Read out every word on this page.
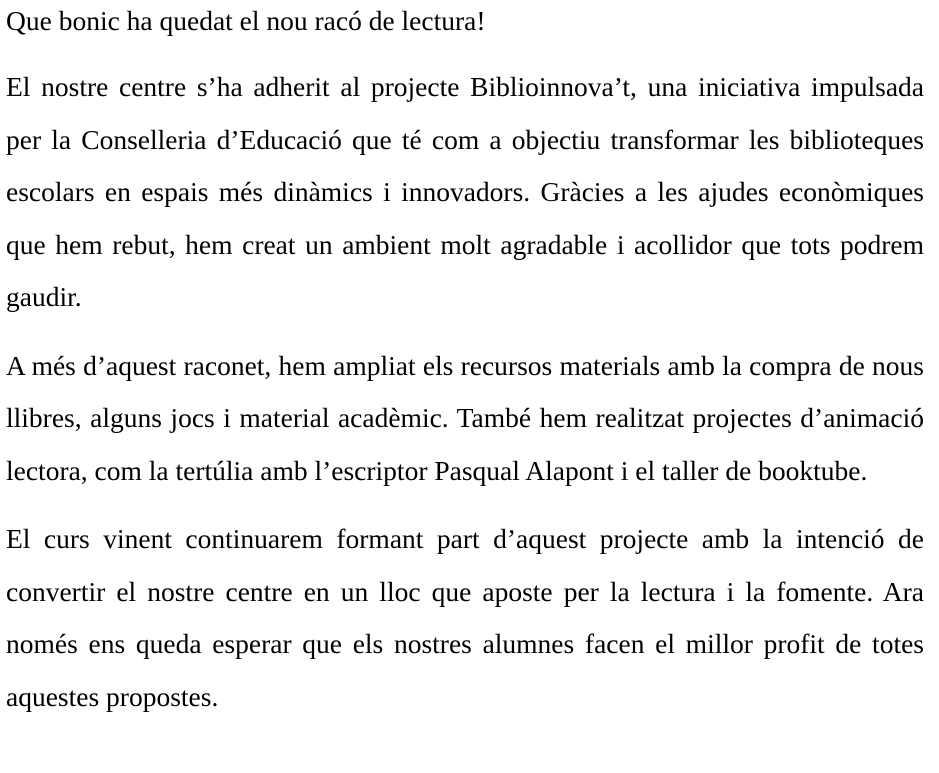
Que bonic ha quedat el nou racó de lectura!

El nostre centre s’ha adherit al projecte Biblioinnova’t, una iniciativa impulsada per la Conselleria d’Educació que té com a objectiu transformar les biblioteques escolars en espais més dinàmics i innovadors. Gràcies a les ajudes econòmiques que hem rebut, hem creat un ambient molt agradable i acollidor que tots podrem gaudir.

A més d’aquest raconet, hem ampliat els recursos materials amb la compra de nous llibres, alguns jocs i material acadèmic. També hem realitzat projectes d’animació lectora, com la tertúlia amb l’escriptor Pasqual Alapont i el taller de booktube.

El curs vinent continuarem formant part d’aquest projecte amb la intenció de convertir el nostre centre en un lloc que aposte per la lectura i la fomente. Ara només ens queda esperar que els nostres alumnes facen el millor profit de totes aquestes propostes.
